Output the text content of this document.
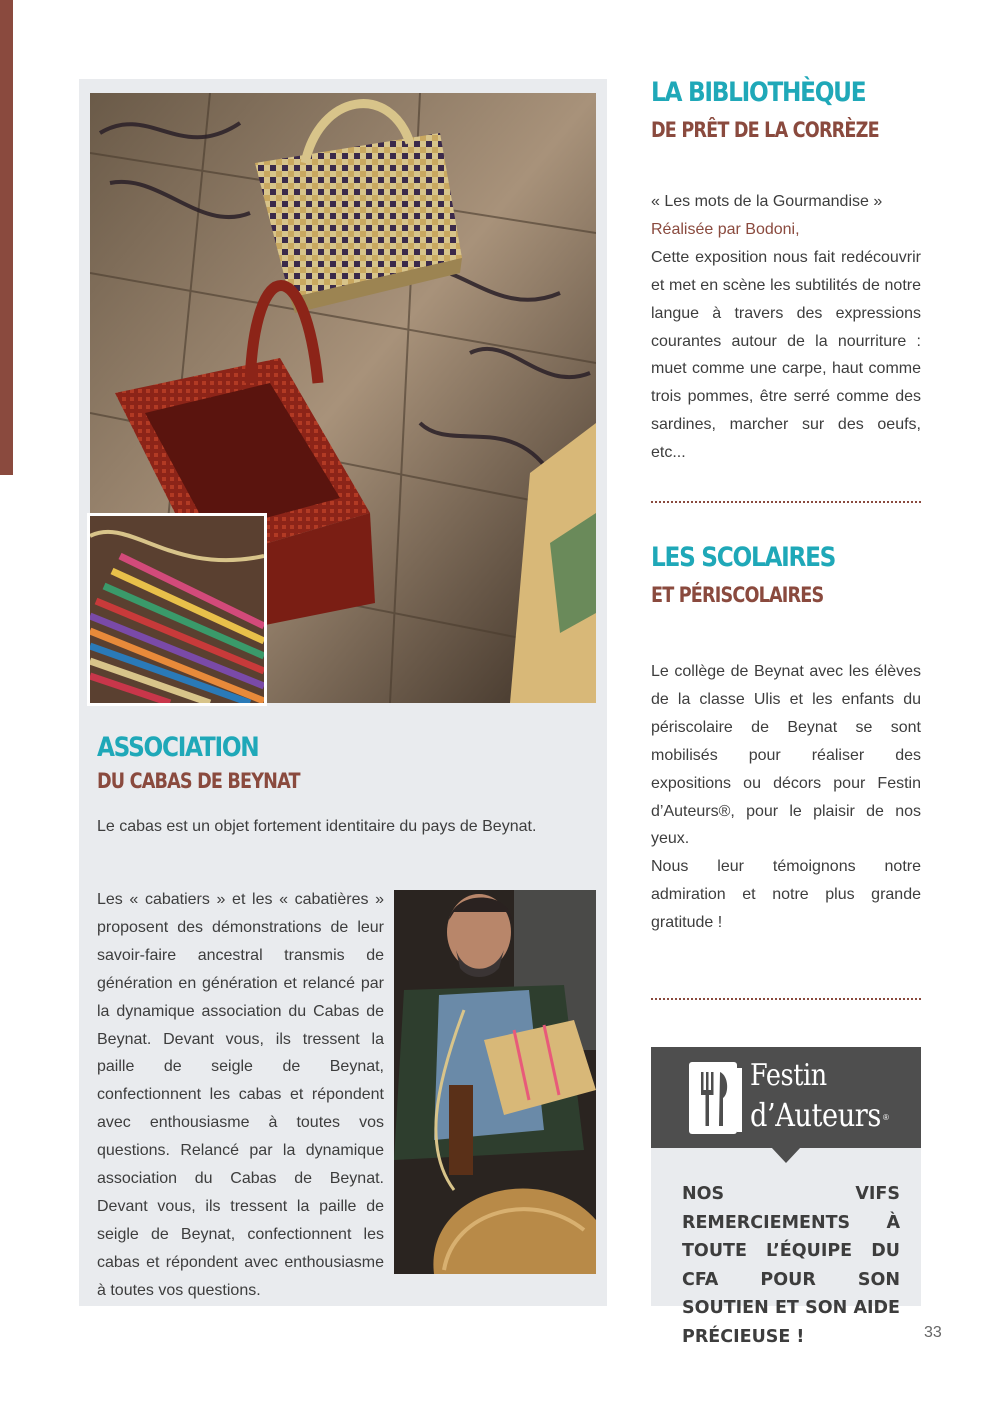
ASSOCIATION
DU CABAS DE BEYNAT

Le cabas est un objet fortement identitaire du pays de Beynat.

Les « cabatiers » et les « cabatières » proposent des démonstrations de leur savoir-faire ancestral transmis de génération en génération et relancé par la dynamique association du Cabas de Beynat. Devant vous, ils tressent la paille de seigle de Beynat, confectionnent les cabas et répondent avec enthousiasme à toutes vos questions. Relancé par la dynamique association du Cabas de Beynat. Devant vous, ils tressent la paille de seigle de Beynat, confectionnent les cabas et répondent avec enthousiasme à toutes vos questions.

LA BIBLIOTHÈQUE
DE PRÊT DE LA CORRÈZE
« Les mots de la Gourmandise »
Réalisée par Bodoni,
Cette exposition nous fait redécouvrir et met en scène les subtilités de notre langue à travers des expressions courantes autour de la nourriture : muet comme une carpe, haut comme trois pommes, être serré comme des sardines, marcher sur des oeufs, etc...
LES SCOLAIRES
ET PÉRISCOLAIRES
Le collège de Beynat avec les élèves de la classe Ulis et les enfants du périscolaire de Beynat se sont mobilisés pour réaliser des expositions ou décors pour Festin d’Auteurs®, pour le plaisir de nos yeux.
Nous leur témoignons notre admiration et notre plus grande gratitude !
Festin
d’Auteurs ®

NOS VIFS REMERCIEMENTS À TOUTE L’ÉQUIPE DU CFA POUR SON SOUTIEN ET SON AIDE PRÉCIEUSE !	33
